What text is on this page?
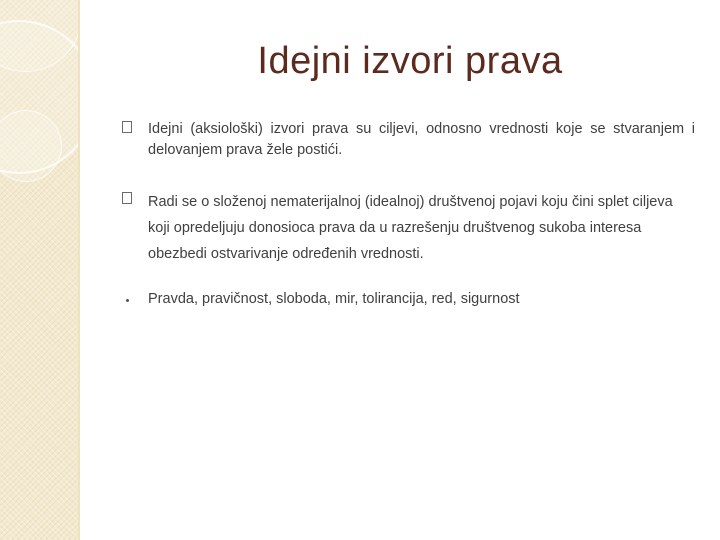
Idejni izvori prava
Idejni (aksiološki) izvori prava su ciljevi, odnosno vrednosti koje se stvaranjem i delovanjem prava žele postići.
Radi se o složenoj nematerijalnoj (idealnoj) društvenoj pojavi koju čini splet ciljeva koji opredeljuju donosioca prava da u razrešenju društvenog sukoba interesa obezbedi ostvarivanje određenih vrednosti.
Pravda, pravičnost, sloboda, mir, tolirancija, red, sigurnost
